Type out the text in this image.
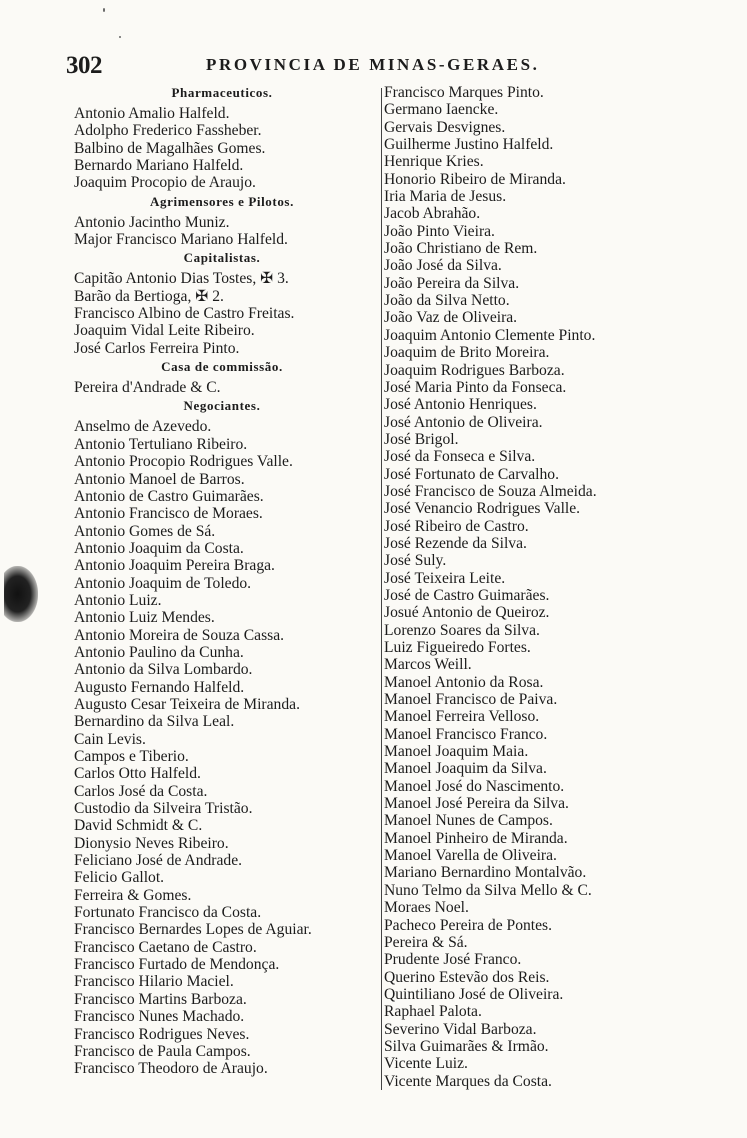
302	PROVINCIA DE MINAS-GERAES.
Pharmaceuticos.
Antonio Amalio Halfeld.
Adolpho Frederico Fassheber.
Balbino de Magalhães Gomes.
Bernardo Mariano Halfeld.
Joaquim Procopio de Araujo.
Agrimensores e Pilotos.
Antonio Jacintho Muniz.
Major Francisco Mariano Halfeld.
Capitalistas.
Capitão Antonio Dias Tostes, ✠ 3.
Barão da Bertioga, ✠ 2.
Francisco Albino de Castro Freitas.
Joaquim Vidal Leite Ribeiro.
José Carlos Ferreira Pinto.
Casa de commissão.
Pereira d'Andrade & C.
Negociantes.
Anselmo de Azevedo.
Antonio Tertuliano Ribeiro.
Antonio Procopio Rodrigues Valle.
Antonio Manoel de Barros.
Antonio de Castro Guimarães.
Antonio Francisco de Moraes.
Antonio Gomes de Sá.
Antonio Joaquim da Costa.
Antonio Joaquim Pereira Braga.
Antonio Joaquim de Toledo.
Antonio Luiz.
Antonio Luiz Mendes.
Antonio Moreira de Souza Cassa.
Antonio Paulino da Cunha.
Antonio da Silva Lombardo.
Augusto Fernando Halfeld.
Augusto Cesar Teixeira de Miranda.
Bernardino da Silva Leal.
Cain Levis.
Campos e Tiberio.
Carlos Otto Halfeld.
Carlos José da Costa.
Custodio da Silveira Tristão.
David Schmidt & C.
Dionysio Neves Ribeiro.
Feliciano José de Andrade.
Felicio Gallot.
Ferreira & Gomes.
Fortunato Francisco da Costa.
Francisco Bernardes Lopes de Aguiar.
Francisco Caetano de Castro.
Francisco Furtado de Mendonça.
Francisco Hilario Maciel.
Francisco Martins Barboza.
Francisco Nunes Machado.
Francisco Rodrigues Neves.
Francisco de Paula Campos.
Francisco Theodoro de Araujo.
Francisco Marques Pinto.
Germano Iaencke.
Gervais Desvignes.
Guilherme Justino Halfeld.
Henrique Kries.
Honorio Ribeiro de Miranda.
Iria Maria de Jesus.
Jacob Abrahão.
João Pinto Vieira.
João Christiano de Rem.
João José da Silva.
João Pereira da Silva.
João da Silva Netto.
João Vaz de Oliveira.
Joaquim Antonio Clemente Pinto.
Joaquim de Brito Moreira.
Joaquim Rodrigues Barboza.
José Maria Pinto da Fonseca.
José Antonio Henriques.
José Antonio de Oliveira.
José Brigol.
José da Fonseca e Silva.
José Fortunato de Carvalho.
José Francisco de Souza Almeida.
José Venancio Rodrigues Valle.
José Ribeiro de Castro.
José Rezende da Silva.
José Suly.
José Teixeira Leite.
José de Castro Guimarães.
Josué Antonio de Queiroz.
Lorenzo Soares da Silva.
Luiz Figueiredo Fortes.
Marcos Weill.
Manoel Antonio da Rosa.
Manoel Francisco de Paiva.
Manoel Ferreira Velloso.
Manoel Francisco Franco.
Manoel Joaquim Maia.
Manoel Joaquim da Silva.
Manoel José do Nascimento.
Manoel José Pereira da Silva.
Manoel Nunes de Campos.
Manoel Pinheiro de Miranda.
Manoel Varella de Oliveira.
Mariano Bernardino Montalvão.
Nuno Telmo da Silva Mello & C.
Moraes Noel.
Pacheco Pereira de Pontes.
Pereira & Sá.
Prudente José Franco.
Querino Estevão dos Reis.
Quintiliano José de Oliveira.
Raphael Palota.
Severino Vidal Barboza.
Silva Guimarães & Irmão.
Vicente Luiz.
Vicente Marques da Costa.
